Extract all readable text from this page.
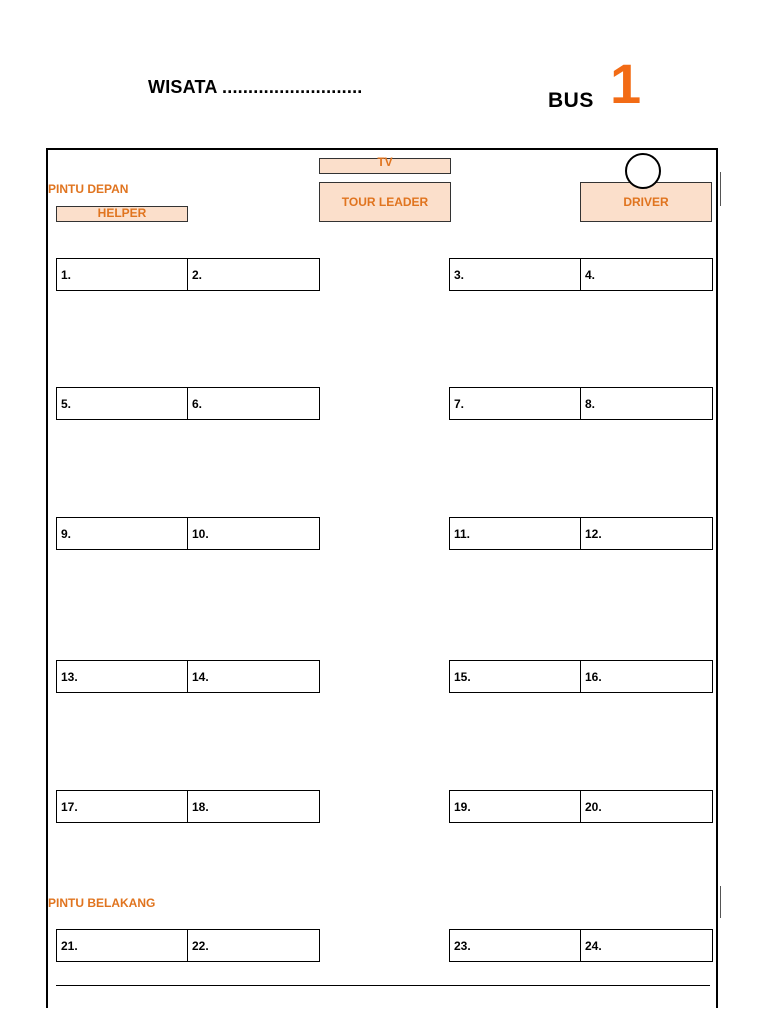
WISATA ...........................
BUS 1
PINTU DEPAN
HELPER
TV
TOUR LEADER	DRIVER
PINTU BELAKANG
1.	2.	3.	4.
5.	6.	7.	8.
9.	10.	11.	12.
13.	14.	15.	16.
17.	18.	19.	20.
21.	22.	23.	24.
